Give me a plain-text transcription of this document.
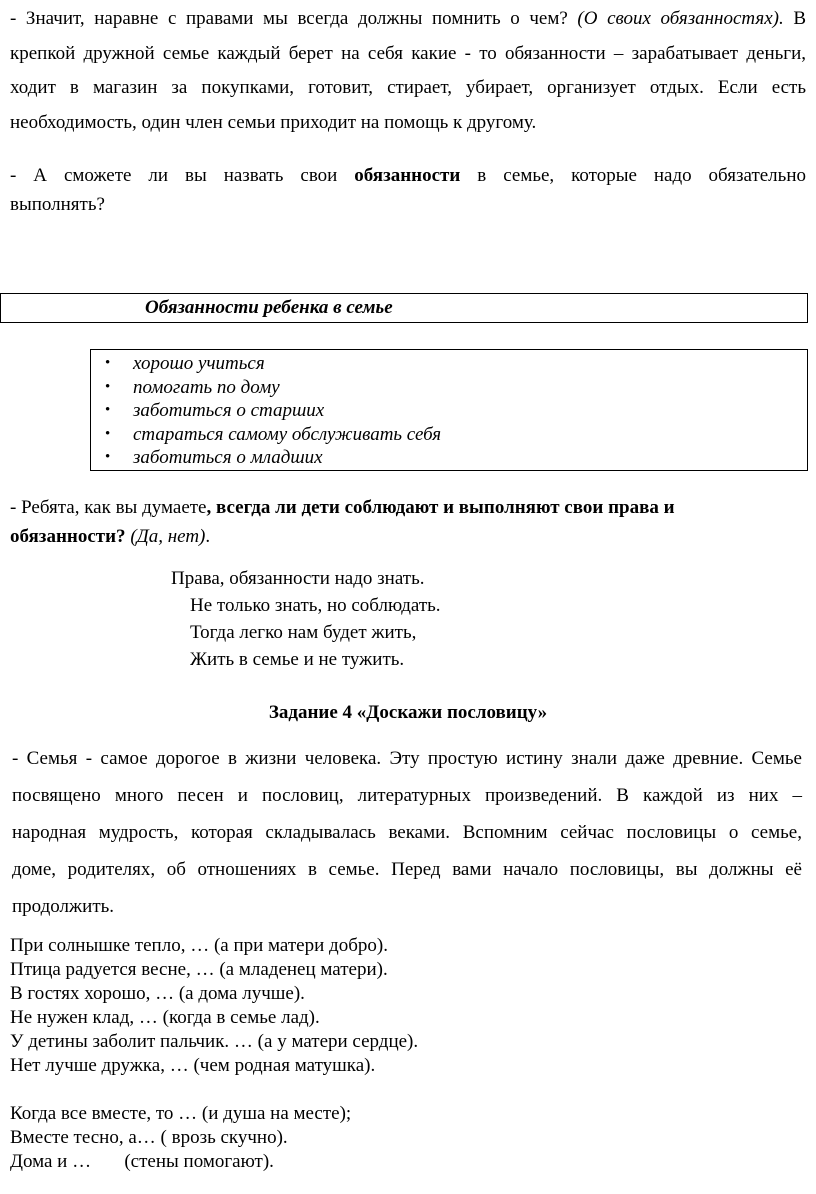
- Значит, наравне с правами мы всегда должны помнить о чем? (О своих обязанностях). В
крепкой дружной семье каждый берет на себя какие - то обязанности – зарабатывает деньги,
ходит в магазин за покупками, готовит, стирает, убирает, организует отдых. Если есть
необходимость, один член семьи приходит на помощь к другому.
- А сможете ли вы назвать свои обязанности в семье, которые надо обязательно
выполнять?
Обязанности ребенка в семье
• хорошо учиться
• помогать по дому
• заботиться о старших
• стараться самому обслуживать себя
• заботиться о младших
- Ребята, как вы думаете, всегда ли дети соблюдают и выполняют свои права и
обязанности? (Да, нет).
Права, обязанности надо знать.
Не только знать, но соблюдать.
Тогда легко нам будет жить,
Жить в семье и не тужить.
Задание 4 «Доскажи пословицу»
- Семья - самое дорогое в жизни человека. Эту простую истину знали даже древние. Семье
посвящено много песен и пословиц, литературных произведений. В каждой из них –
народная мудрость, которая складывалась веками. Вспомним сейчас пословицы о семье,
доме, родителях, об отношениях в семье. Перед вами начало пословицы, вы должны её
продолжить.
При солнышке тепло, … (а при матери добро).
Птица радуется весне, … (а младенец матери).
В гостях хорошо, … (а дома лучше).
Не нужен клад, … (когда в семье лад).
У детины заболит пальчик. … (а у матери сердце).
Нет лучше дружка, … (чем родная матушка).
Когда все вместе, то … (и душа на месте);
Вместе тесно, а… ( врозь скучно).
Дома и …       (стены помогают).
